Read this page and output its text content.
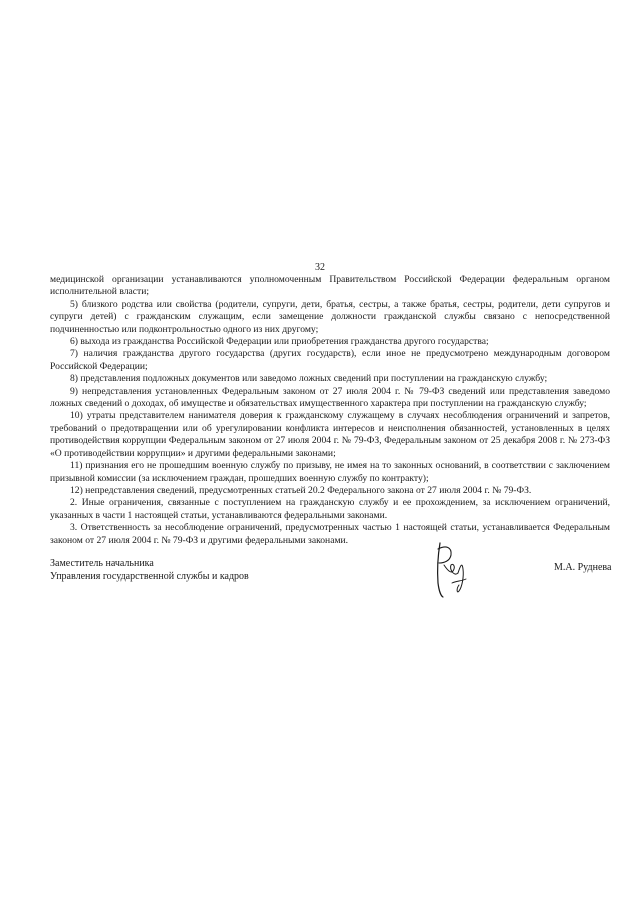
32

медицинской организации устанавливаются уполномоченным Правительством Российской Федерации федеральным органом исполнительной власти;

5) близкого родства или свойства (родители, супруги, дети, братья, сестры, а также братья, сестры, родители, дети супругов и супруги детей) с гражданским служащим, если замещение должности гражданской службы связано с непосредственной подчиненностью или подконтрольностью одного из них другому;

6) выхода из гражданства Российской Федерации или приобретения гражданства другого государства;

7) наличия гражданства другого государства (других государств), если иное не предусмотрено международным договором Российской Федерации;

8) представления подложных документов или заведомо ложных сведений при поступлении на гражданскую службу;

9) непредставления установленных Федеральным законом от 27 июля 2004 г. № 79-ФЗ сведений или представления заведомо ложных сведений о доходах, об имуществе и обязательствах имущественного характера при поступлении на гражданскую службу;

10) утраты представителем нанимателя доверия к гражданскому служащему в случаях несоблюдения ограничений и запретов, требований о предотвращении или об урегулировании конфликта интересов и неисполнения обязанностей, установленных в целях противодействия коррупции Федеральным законом от 27 июля 2004 г. № 79-ФЗ, Федеральным законом от 25 декабря 2008 г. № 273-ФЗ «О противодействии коррупции» и другими федеральными законами;

11) признания его не прошедшим военную службу по призыву, не имея на то законных оснований, в соответствии с заключением призывной комиссии (за исключением граждан, прошедших военную службу по контракту);

12) непредставления сведений, предусмотренных статьей 20.2 Федерального закона от 27 июля 2004 г. № 79-ФЗ.

2. Иные ограничения, связанные с поступлением на гражданскую службу и ее прохождением, за исключением ограничений, указанных в части 1 настоящей статьи, устанавливаются федеральными законами.

3. Ответственность за несоблюдение ограничений, предусмотренных частью 1 настоящей статьи, устанавливается Федеральным законом от 27 июля 2004 г. № 79-ФЗ и другими федеральными законами.

Заместитель начальника
Управления государственной службы и кадров
М.А. Руднева
